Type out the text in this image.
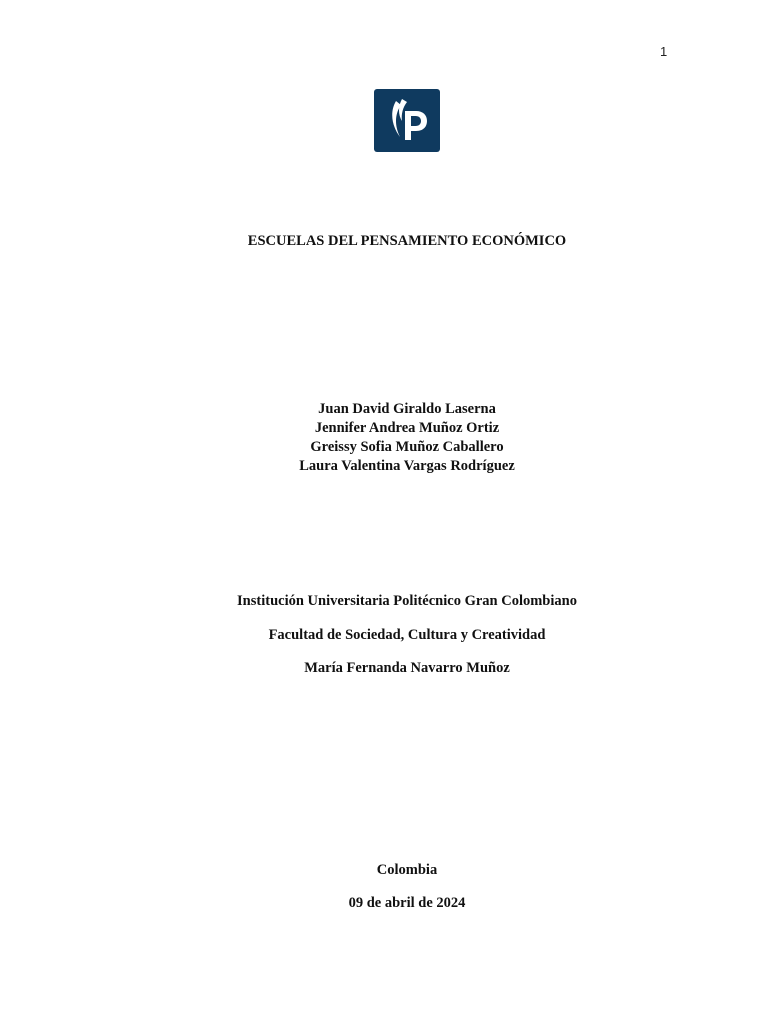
1
ESCUELAS DEL PENSAMIENTO ECONÓMICO
Juan David Giraldo Laserna
Jennifer Andrea Muñoz Ortiz
Greissy Sofia Muñoz Caballero
Laura Valentina Vargas Rodríguez
Institución Universitaria Politécnico Gran Colombiano
Facultad de Sociedad, Cultura y Creatividad
María Fernanda Navarro Muñoz
Colombia
09 de abril de 2024
